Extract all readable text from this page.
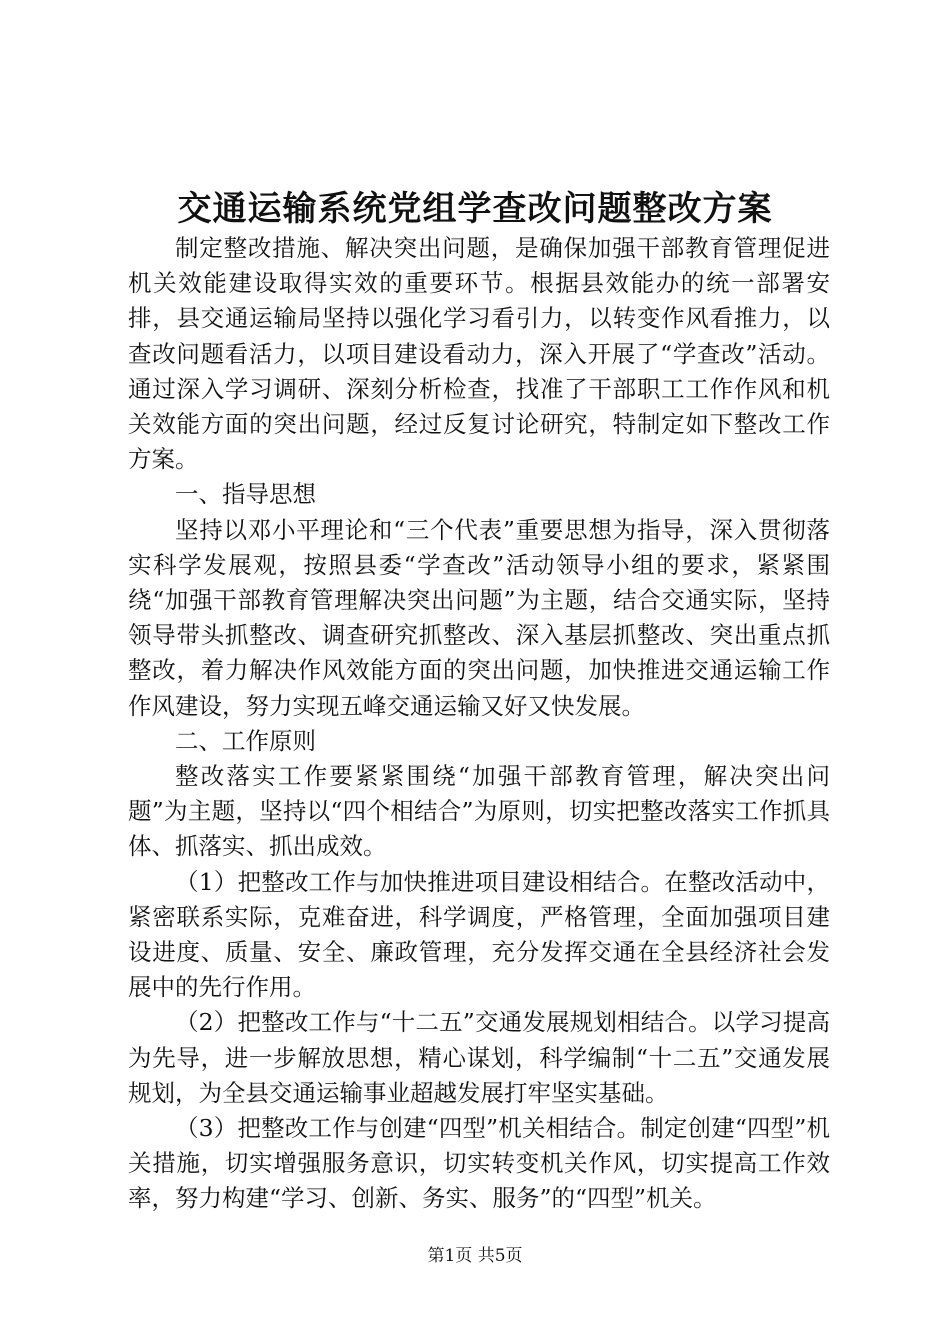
交通运输系统党组学查改问题整改方案

制定整改措施、解决突出问题，是确保加强干部教育管理促进机关效能建设取得实效的重要环节。根据县效能办的统一部署安排，县交通运输局坚持以强化学习看引力，以转变作风看推力，以查改问题看活力，以项目建设看动力，深入开展了“学查改”活动。通过深入学习调研、深刻分析检查，找准了干部职工工作作风和机关效能方面的突出问题，经过反复讨论研究，特制定如下整改工作方案。

一、指导思想

坚持以邓小平理论和“三个代表”重要思想为指导，深入贯彻落实科学发展观，按照县委“学查改”活动领导小组的要求，紧紧围绕“加强干部教育管理解决突出问题”为主题，结合交通实际，坚持领导带头抓整改、调查研究抓整改、深入基层抓整改、突出重点抓整改，着力解决作风效能方面的突出问题，加快推进交通运输工作作风建设，努力实现五峰交通运输又好又快发展。

二、工作原则

整改落实工作要紧紧围绕“加强干部教育管理，解决突出问题”为主题，坚持以“四个相结合”为原则，切实把整改落实工作抓具体、抓落实、抓出成效。

（1）把整改工作与加快推进项目建设相结合。在整改活动中，紧密联系实际，克难奋进，科学调度，严格管理，全面加强项目建设进度、质量、安全、廉政管理，充分发挥交通在全县经济社会发展中的先行作用。

（2）把整改工作与“十二五”交通发展规划相结合。以学习提高为先导，进一步解放思想，精心谋划，科学编制“十二五”交通发展规划，为全县交通运输事业超越发展打牢坚实基础。

（3）把整改工作与创建“四型”机关相结合。制定创建“四型”机关措施，切实增强服务意识，切实转变机关作风，切实提高工作效率，努力构建“学习、创新、务实、服务”的“四型”机关。

第1页 共5页
